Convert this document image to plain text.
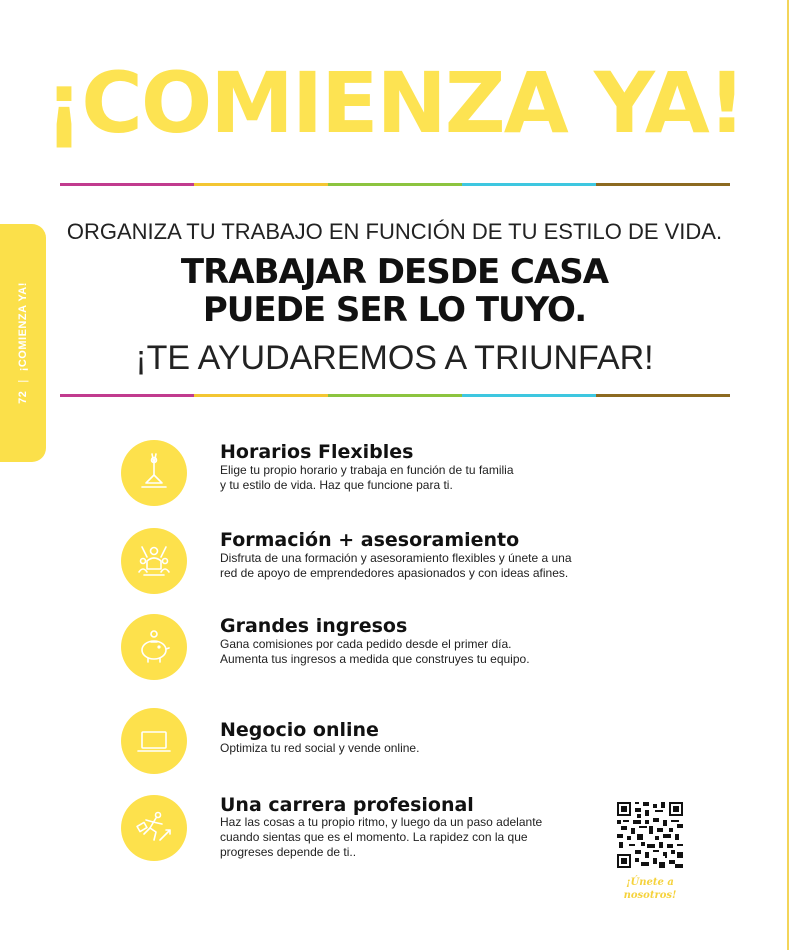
72|¡COMIENZA YA!
¡COMIENZA YA!
ORGANIZA TU TRABAJO EN FUNCIÓN DE TU ESTILO DE VIDA.
TRABAJAR DESDE CASA
PUEDE SER LO TUYO.
¡TE AYUDAREMOS A TRIUNFAR!
Horarios Flexibles
Elige tu propio horario y trabaja en función de tu familia
y tu estilo de vida. Haz que funcione para ti.
Formación + asesoramiento
Disfruta de una formación y asesoramiento flexibles y únete a una
red de apoyo de emprendedores apasionados y con ideas afines.
Grandes ingresos
Gana comisiones por cada pedido desde el primer día.
Aumenta tus ingresos a medida que construyes tu equipo.
Negocio online
Optimiza tu red social y vende online.
Una carrera profesional
Haz las cosas a tu propio ritmo, y luego da un paso adelante
cuando sientas que es el momento. La rapidez con la que
progreses depende de ti..
¡Únete a
nosotros!
